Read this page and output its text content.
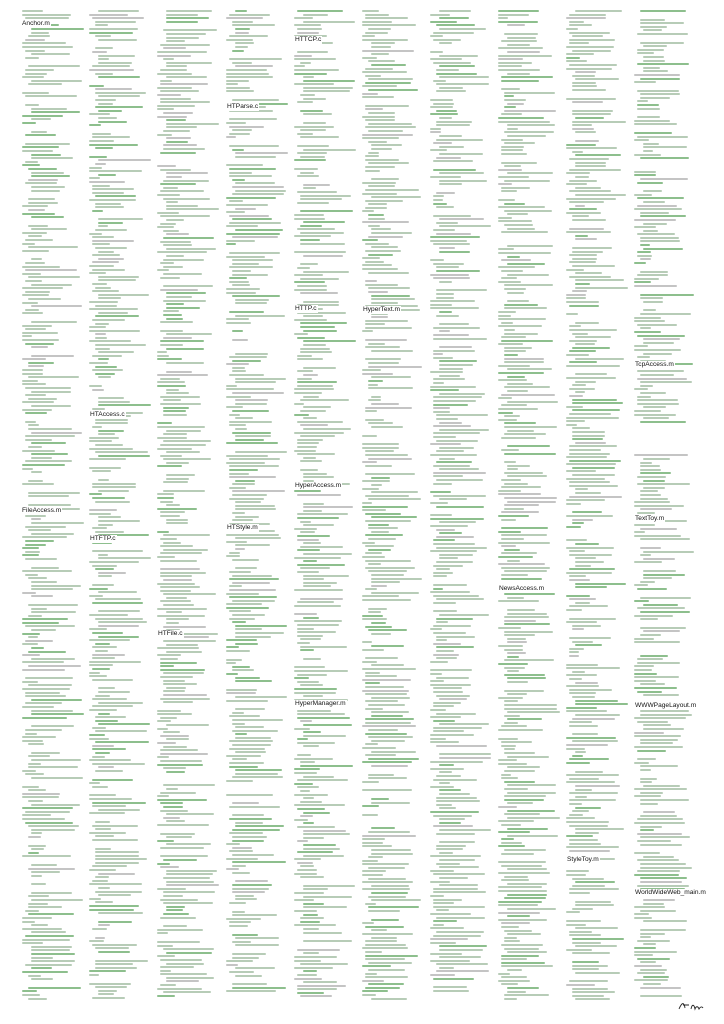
Anchor.m
FileAccess.m
HTAccess.c
HTFTP.c
HTFile.c
HTParse.c
HTStyle.m
HTTCP.c
HTTP.c
HyperAccess.m
HyperManager.m
HyperText.m
NewsAccess.m
StyleToy.m
TcpAccess.m
TextToy.m
WWWPageLayout.m
WorldWideWeb_main.m
